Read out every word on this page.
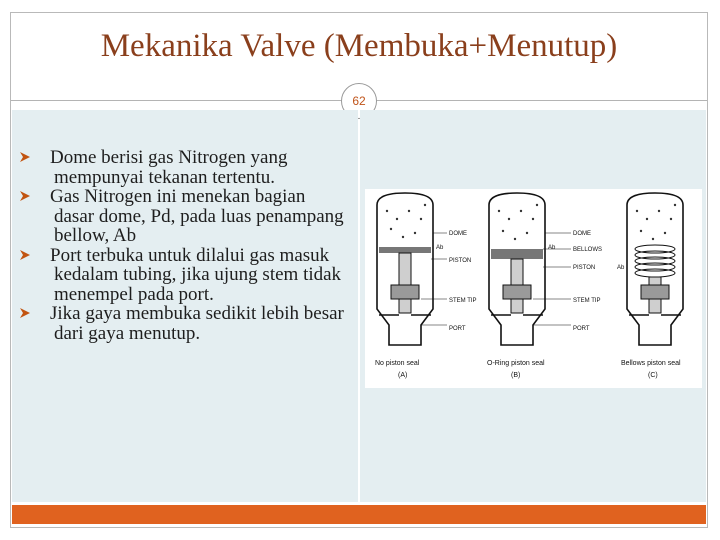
Mekanika Valve (Membuka+Menutup)
62
Dome berisi gas Nitrogen yang mempunyai tekanan tertentu.
Gas Nitrogen ini menekan bagian dasar dome, Pd, pada luas penampang bellow, Ab
Port terbuka untuk dilalui gas masuk kedalam tubing, jika ujung stem tidak menempel pada port.
Jika gaya membuka sedikit lebih besar dari gaya menutup.
DOME
PISTON
STEM TIP
PORT
Ab
No piston seal
(A)
DOME
BELLOWS
PISTON
STEM TIP
PORT
Ab
O-Ring piston seal
(B)
Ab
Bellows piston seal
(C)
